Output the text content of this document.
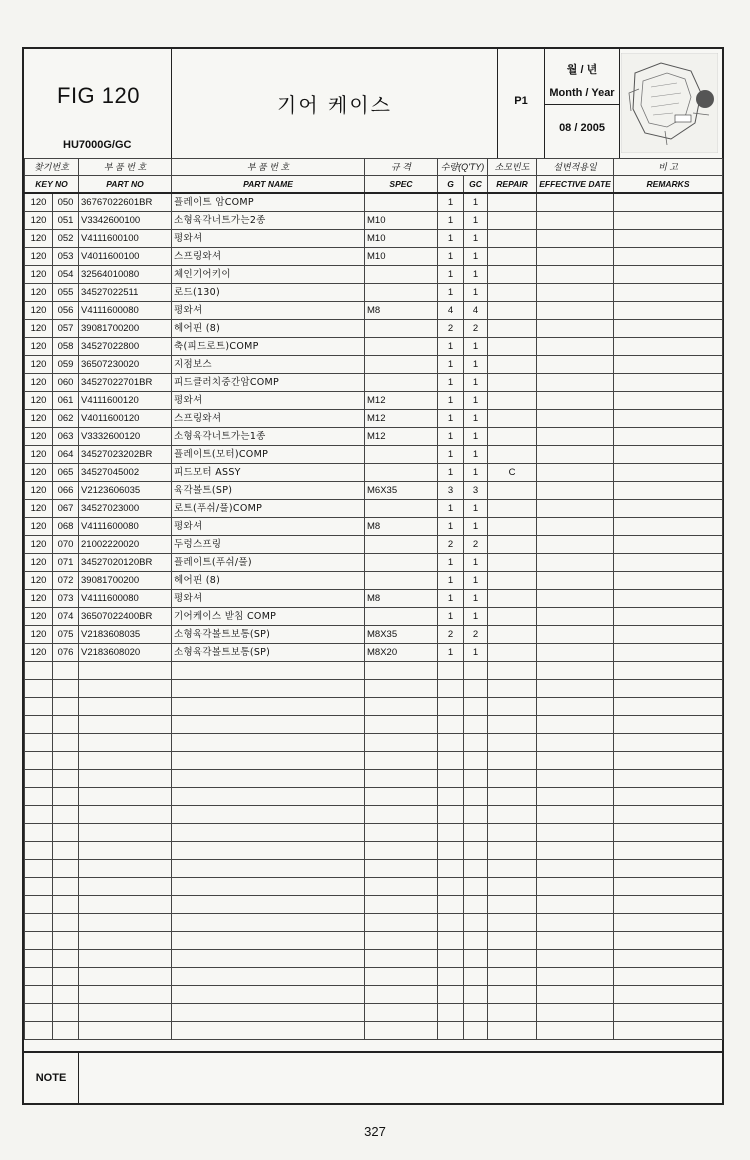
FIG 120
HU7000G/GC
기어 케이스	P1
월 / 년
Month / Year
08 / 2005
찾기번호		부 품 번 호	부 품 번 호	규 격	수량(Q'TY)		소모빈도	설변적용일	비 고
KEY NO		PART NO	PART NAME	SPEC	G	GC	REPAIR	EFFECTIVE DATE	REMARKS
120	050	36767022601BR	플레이트 암COMP		1	1			
120	051	V3342600100	소형육각너트가는2종	M10	1	1			
120	052	V4111600100	평와셔	M10	1	1			
120	053	V4011600100	스프링와셔	M10	1	1			
120	054	32564010080	체인기어키이		1	1			
120	055	34527022511	로드(130)		1	1			
120	056	V4111600080	평와셔	M8	4	4			
120	057	39081700200	헤어핀 (8)		2	2			
120	058	34527022800	축(피드로트)COMP		1	1			
120	059	36507230020	지점보스		1	1			
120	060	34527022701BR	피드클러치중간암COMP		1	1			
120	061	V4111600120	평와셔	M12	1	1			
120	062	V4011600120	스프링와셔	M12	1	1			
120	063	V3332600120	소형육각너트가는1종	M12	1	1			
120	064	34527023202BR	플레이트(모터)COMP		1	1			
120	065	34527045002	피드모터 ASSY		1	1	C		
120	066	V2123606035	육각볼트(SP)	M6X35	3	3			
120	067	34527023000	로트(푸쉬/풀)COMP		1	1			
120	068	V4111600080	평와셔	M8	1	1			
120	070	21002220020	두렁스프링		2	2			
120	071	34527020120BR	플레이트(푸쉬/풀)		1	1			
120	072	39081700200	헤어핀 (8)		1	1			
120	073	V4111600080	평와셔	M8	1	1			
120	074	36507022400BR	기어케이스 받침 COMP		1	1			
120	075	V2183608035	소형육각볼트보통(SP)	M8X35	2	2			
120	076	V2183608020	소형육각볼트보통(SP)	M8X20	1	1			

NOTE
327
